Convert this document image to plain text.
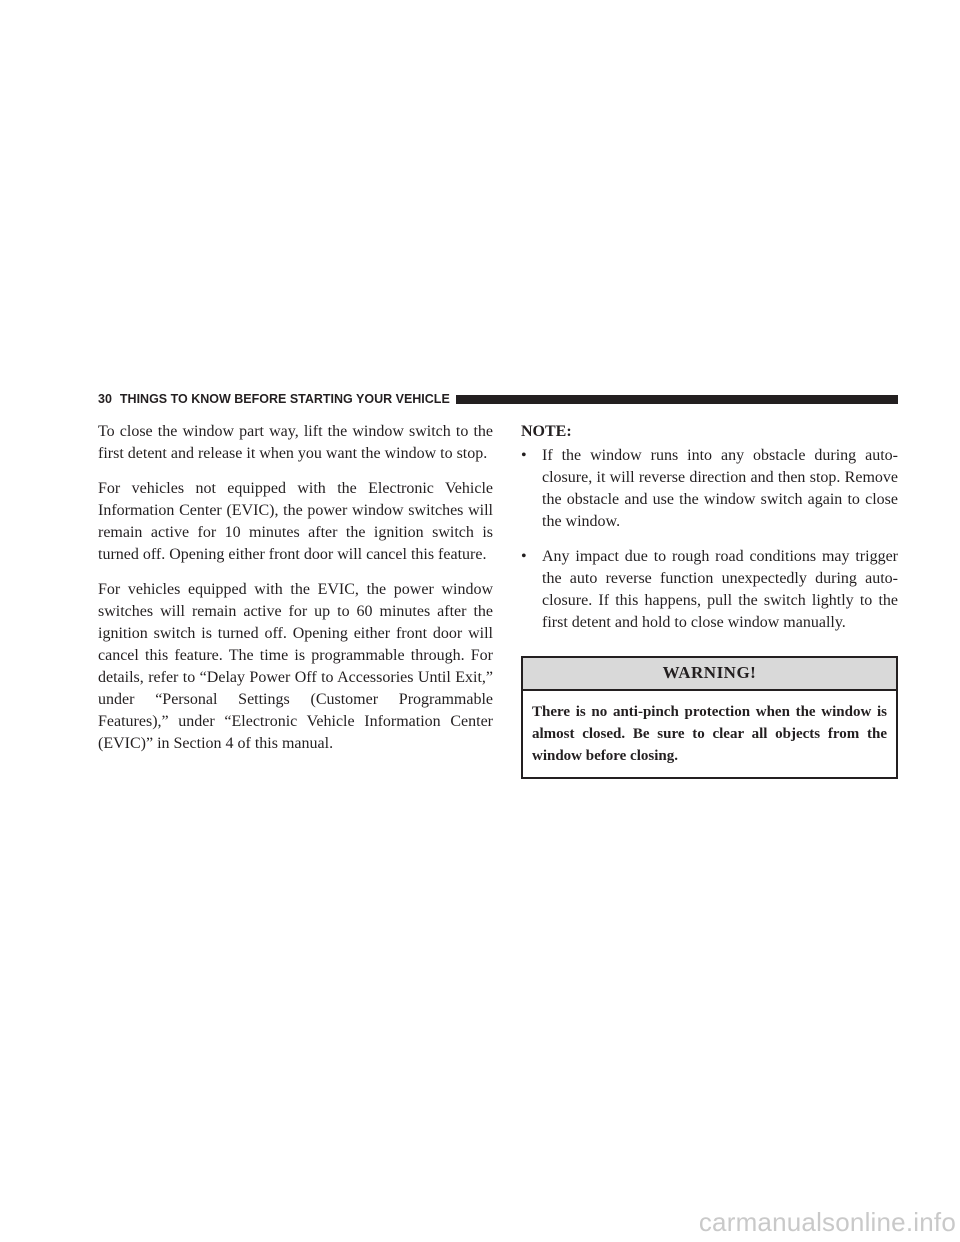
30 THINGS TO KNOW BEFORE STARTING YOUR VEHICLE

To close the window part way, lift the window switch to the first detent and release it when you want the window to stop.

For vehicles not equipped with the Electronic Vehicle Information Center (EVIC), the power window switches will remain active for 10 minutes after the ignition switch is turned off. Opening either front door will cancel this feature.

For vehicles equipped with the EVIC, the power window switches will remain active for up to 60 minutes after the ignition switch is turned off. Opening either front door will cancel this feature. The time is programmable through. For details, refer to “Delay Power Off to Accessories Until Exit,” under “Personal Settings (Customer Programmable Features),” under “Electronic Vehicle Information Center (EVIC)” in Section 4 of this manual.

NOTE:
• If the window runs into any obstacle during auto-closure, it will reverse direction and then stop. Remove the obstacle and use the window switch again to close the window.
• Any impact due to rough road conditions may trigger the auto reverse function unexpectedly during auto-closure. If this happens, pull the switch lightly to the first detent and hold to close window manually.
WARNING!
There is no anti-pinch protection when the window is almost closed. Be sure to clear all objects from the window before closing.
carmanualsonline.info
